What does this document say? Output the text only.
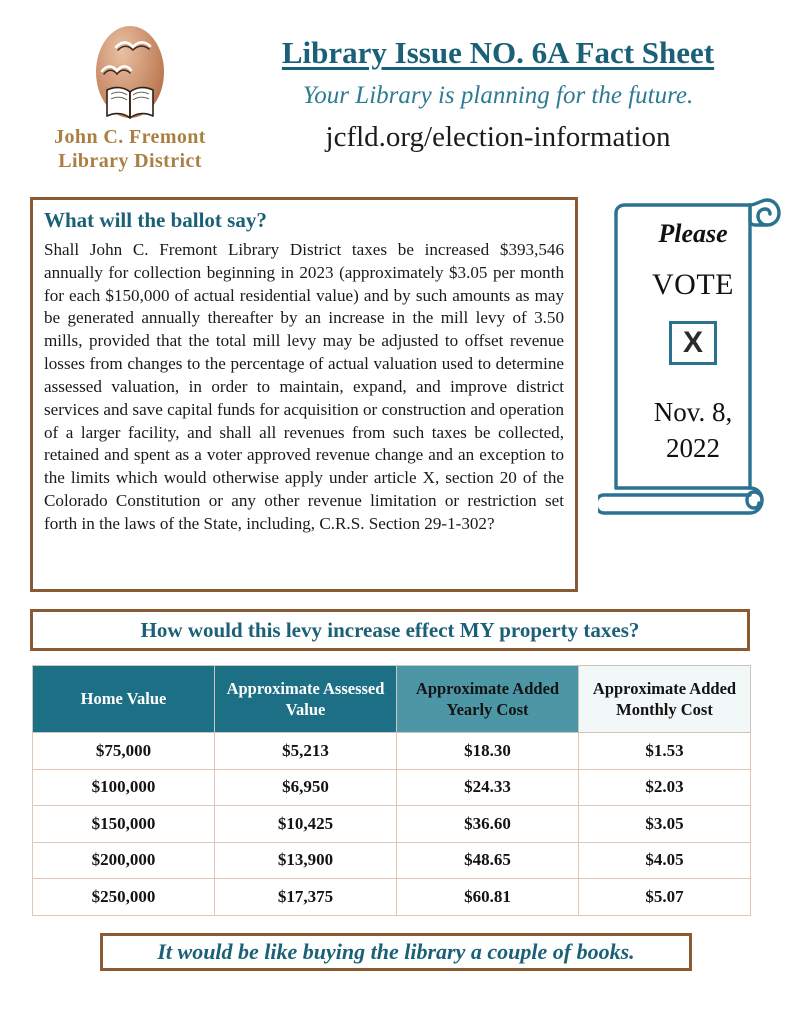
John C. Fremont
Library District
Library Issue NO. 6A Fact Sheet
Your Library is planning for the future.
jcfld.org/election-information
What will the ballot say?
Shall John C. Fremont Library District taxes be increased $393,546 annually for collection beginning in 2023 (approximately $3.05 per month for each $150,000 of actual residential value) and by such amounts as may be generated annually thereafter by an increase in the mill levy of 3.50 mills, provided that the total mill levy may be adjusted to offset revenue losses from changes to the percentage of actual valuation used to determine assessed valuation, in order to maintain, expand, and improve district services and save capital funds for acquisition or construction and operation of a larger facility, and shall all revenues from such taxes be collected, retained and spent as a voter approved revenue change and an exception to the limits which would otherwise apply under article X, section 20 of the Colorado Constitution or any other revenue limitation or restriction set forth in the laws of the State, including, C.R.S. Section 29-1-302?
Please
VOTE
X
Nov. 8,
2022
How would this levy increase effect MY property taxes?
Home Value	Approximate Assessed Value	Approximate Added Yearly Cost	Approximate Added Monthly Cost
$75,000	$5,213	$18.30	$1.53
$100,000	$6,950	$24.33	$2.03
$150,000	$10,425	$36.60	$3.05
$200,000	$13,900	$48.65	$4.05
$250,000	$17,375	$60.81	$5.07
It would be like buying the library a couple of books.
